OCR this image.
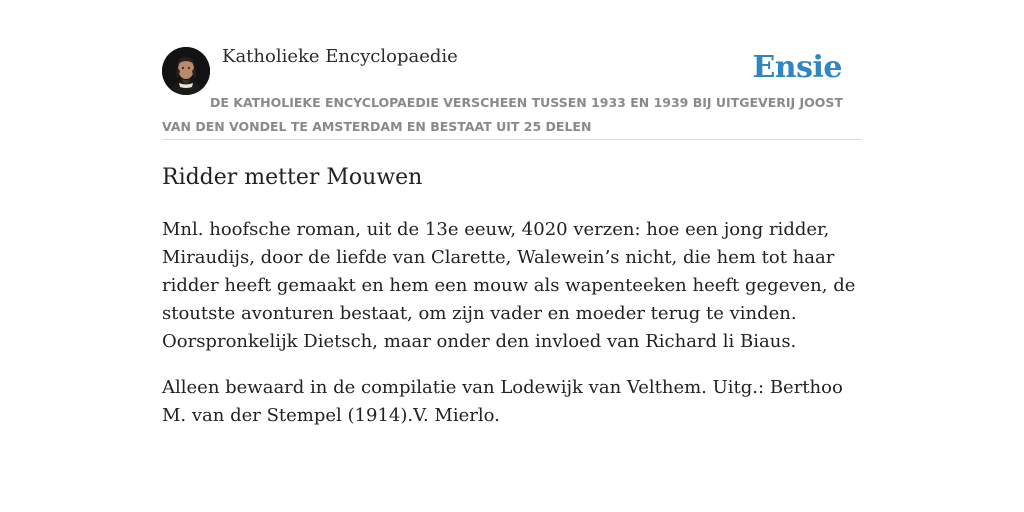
Katholieke Encyclopaedie	Ensie

DE KATHOLIEKE ENCYCLOPAEDIE VERSCHEEN TUSSEN 1933 EN 1939 BIJ UITGEVERIJ JOOST VAN DEN VONDEL TE AMSTERDAM EN BESTAAT UIT 25 DELEN

Ridder metter Mouwen

Mnl. hoofsche roman, uit de 13e eeuw, 4020 verzen: hoe een jong ridder, Miraudijs, door de liefde van Clarette, Walewein’s nicht, die hem tot haar ridder heeft gemaakt en hem een mouw als wapenteeken heeft gegeven, de stoutste avonturen bestaat, om zijn vader en moeder terug te vinden. Oorspronkelijk Dietsch, maar onder den invloed van Richard li Biaus.

Alleen bewaard in de compilatie van Lodewijk van Velthem. Uitg.: Berthoo M. van der Stempel (1914).V. Mierlo.
